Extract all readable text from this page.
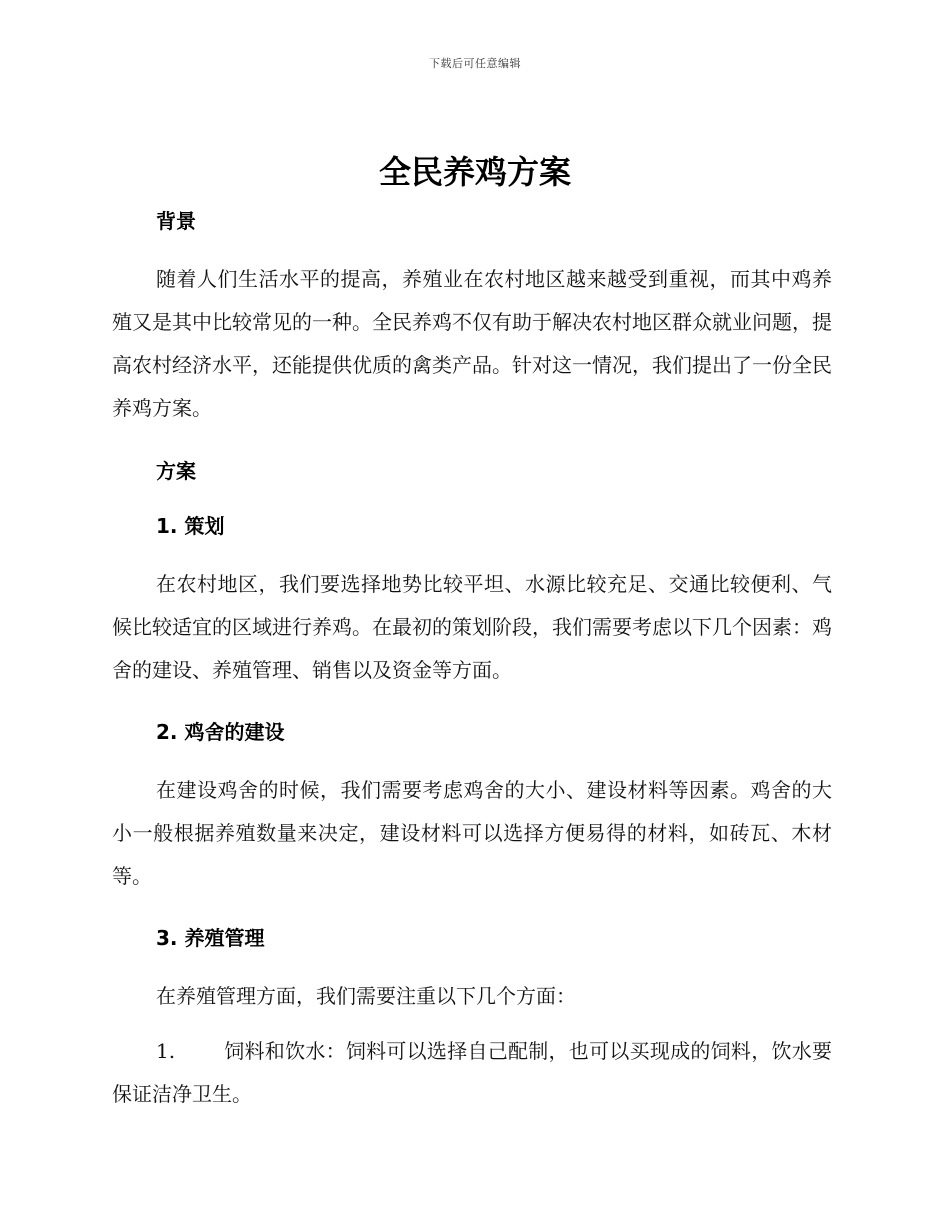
下载后可任意编辑
全民养鸡方案
背景
随着人们生活水平的提高，养殖业在农村地区越来越受到重视，而其中鸡养殖又是其中比较常见的一种。全民养鸡不仅有助于解决农村地区群众就业问题，提高农村经济水平，还能提供优质的禽类产品。针对这一情况，我们提出了一份全民养鸡方案。
方案
1. 策划
在农村地区，我们要选择地势比较平坦、水源比较充足、交通比较便利、气候比较适宜的区域进行养鸡。在最初的策划阶段，我们需要考虑以下几个因素：鸡舍的建设、养殖管理、销售以及资金等方面。
2. 鸡舍的建设
在建设鸡舍的时候，我们需要考虑鸡舍的大小、建设材料等因素。鸡舍的大小一般根据养殖数量来决定，建设材料可以选择方便易得的材料，如砖瓦、木材等。
3. 养殖管理
在养殖管理方面，我们需要注重以下几个方面：
1. 饲料和饮水：饲料可以选择自己配制，也可以买现成的饲料，饮水要保证洁净卫生。
